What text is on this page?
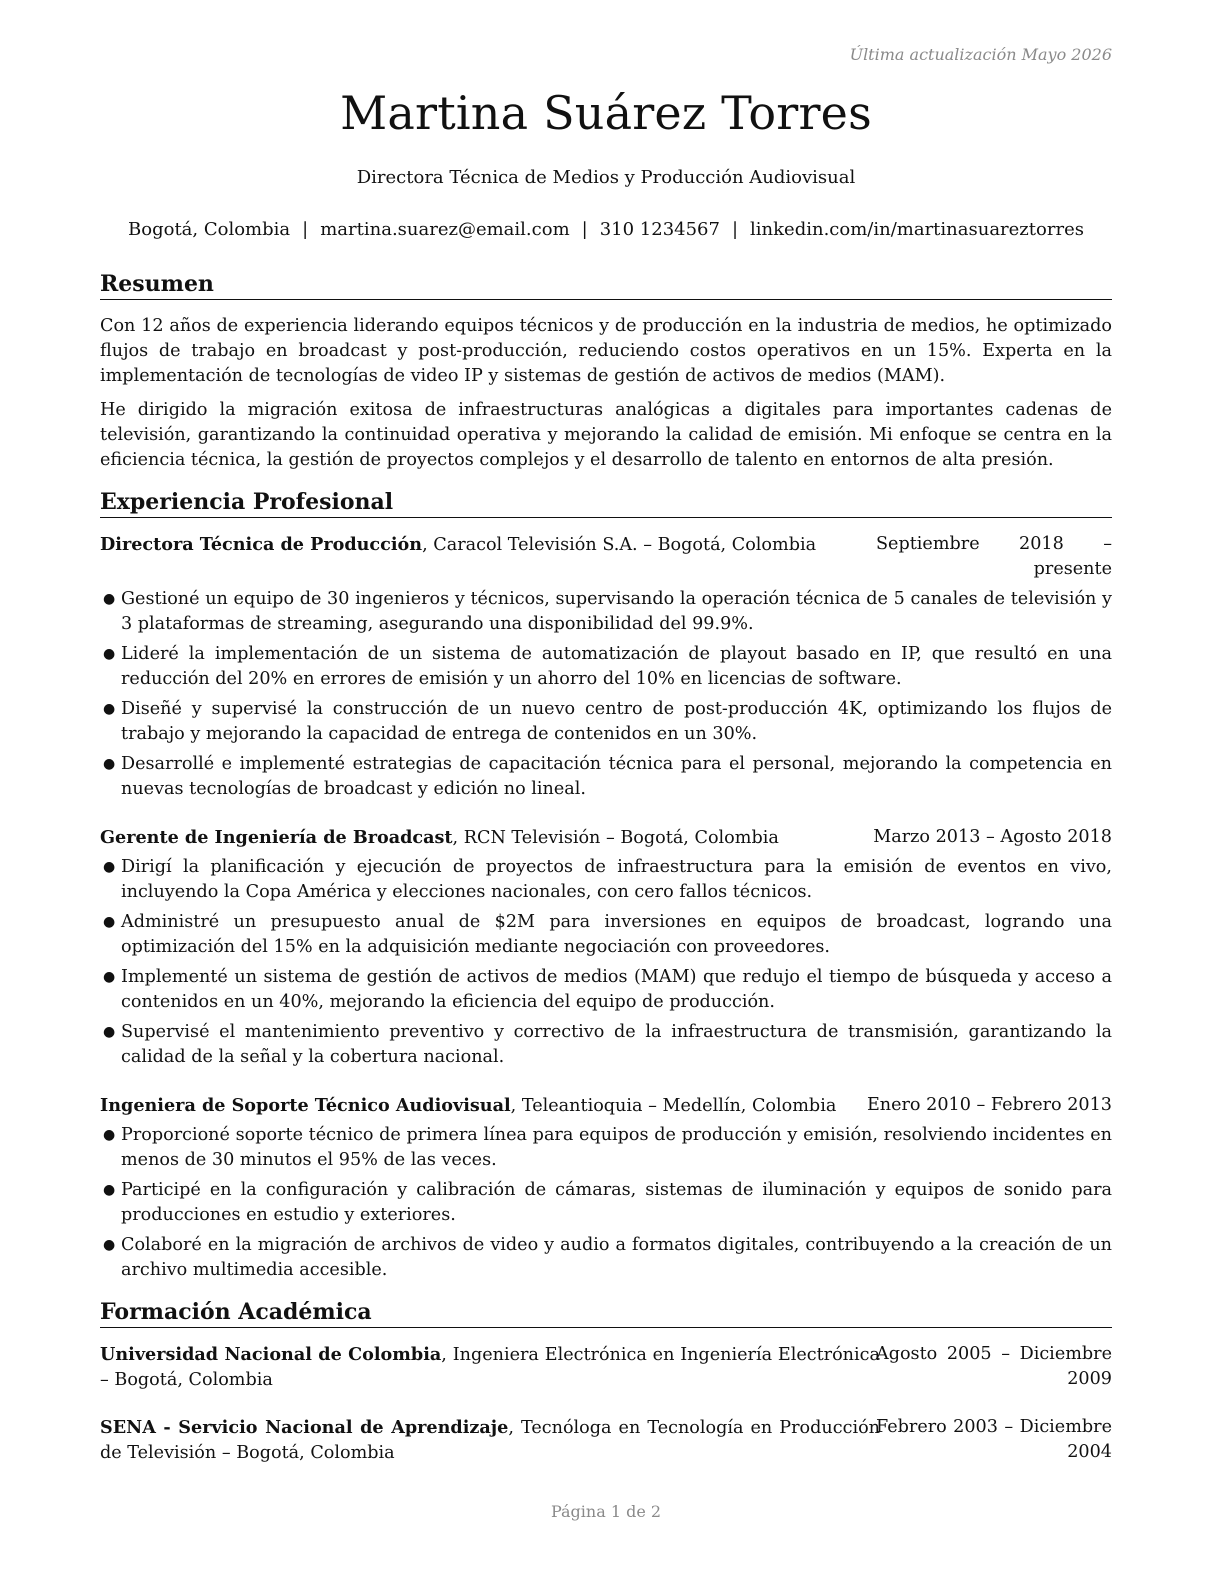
Última actualización Mayo 2026
Martina Suárez Torres
Directora Técnica de Medios y Producción Audiovisual
Bogotá, Colombia | martina.suarez@email.com | 310 1234567 | linkedin.com/in/martinasuareztorres
Resumen

Con 12 años de experiencia liderando equipos técnicos y de producción en la industria de medios, he optimizado flujos de trabajo en broadcast y post-producción, reduciendo costos operativos en un 15%. Experta en la implementación de tecnologías de video IP y sistemas de gestión de activos de medios (MAM).

He dirigido la migración exitosa de infraestructuras analógicas a digitales para importantes cadenas de televisión, garantizando la continuidad operativa y mejorando la calidad de emisión. Mi enfoque se centra en la eficiencia técnica, la gestión de proyectos complejos y el desarrollo de talento en entornos de alta presión.

Experiencia Profesional
Directora Técnica de Producción, Caracol Televisión S.A. – Bogotá, Colombia	Septiembre 2018 – presente
● Gestioné un equipo de 30 ingenieros y técnicos, supervisando la operación técnica de 5 canales de televisión y 3 plataformas de streaming, asegurando una disponibilidad del 99.9%.
● Lideré la implementación de un sistema de automatización de playout basado en IP, que resultó en una reducción del 20% en errores de emisión y un ahorro del 10% en licencias de software.
● Diseñé y supervisé la construcción de un nuevo centro de post-producción 4K, optimizando los flujos de trabajo y mejorando la capacidad de entrega de contenidos en un 30%.
● Desarrollé e implementé estrategias de capacitación técnica para el personal, mejorando la competencia en nuevas tecnologías de broadcast y edición no lineal.
Gerente de Ingeniería de Broadcast, RCN Televisión – Bogotá, Colombia	Marzo 2013 – Agosto 2018
● Dirigí la planificación y ejecución de proyectos de infraestructura para la emisión de eventos en vivo, incluyendo la Copa América y elecciones nacionales, con cero fallos técnicos.
● Administré un presupuesto anual de $2M para inversiones en equipos de broadcast, logrando una optimización del 15% en la adquisición mediante negociación con proveedores.
● Implementé un sistema de gestión de activos de medios (MAM) que redujo el tiempo de búsqueda y acceso a contenidos en un 40%, mejorando la eficiencia del equipo de producción.
● Supervisé el mantenimiento preventivo y correctivo de la infraestructura de transmisión, garantizando la calidad de la señal y la cobertura nacional.
Ingeniera de Soporte Técnico Audiovisual, Teleantioquia – Medellín, Colombia	Enero 2010 – Febrero 2013
● Proporcioné soporte técnico de primera línea para equipos de producción y emisión, resolviendo incidentes en menos de 30 minutos el 95% de las veces.
● Participé en la configuración y calibración de cámaras, sistemas de iluminación y equipos de sonido para producciones en estudio y exteriores.
● Colaboré en la migración de archivos de video y audio a formatos digitales, contribuyendo a la creación de un archivo multimedia accesible.
Formación Académica
Universidad Nacional de Colombia, Ingeniera Electrónica en Ingeniería Electrónica – Bogotá, Colombia
Agosto 2005 – Diciembre 2009
SENA - Servicio Nacional de Aprendizaje, Tecnóloga en Tecnología en Producción de Televisión – Bogotá, Colombia
Febrero 2003 – Diciembre 2004
Página 1 de 2
